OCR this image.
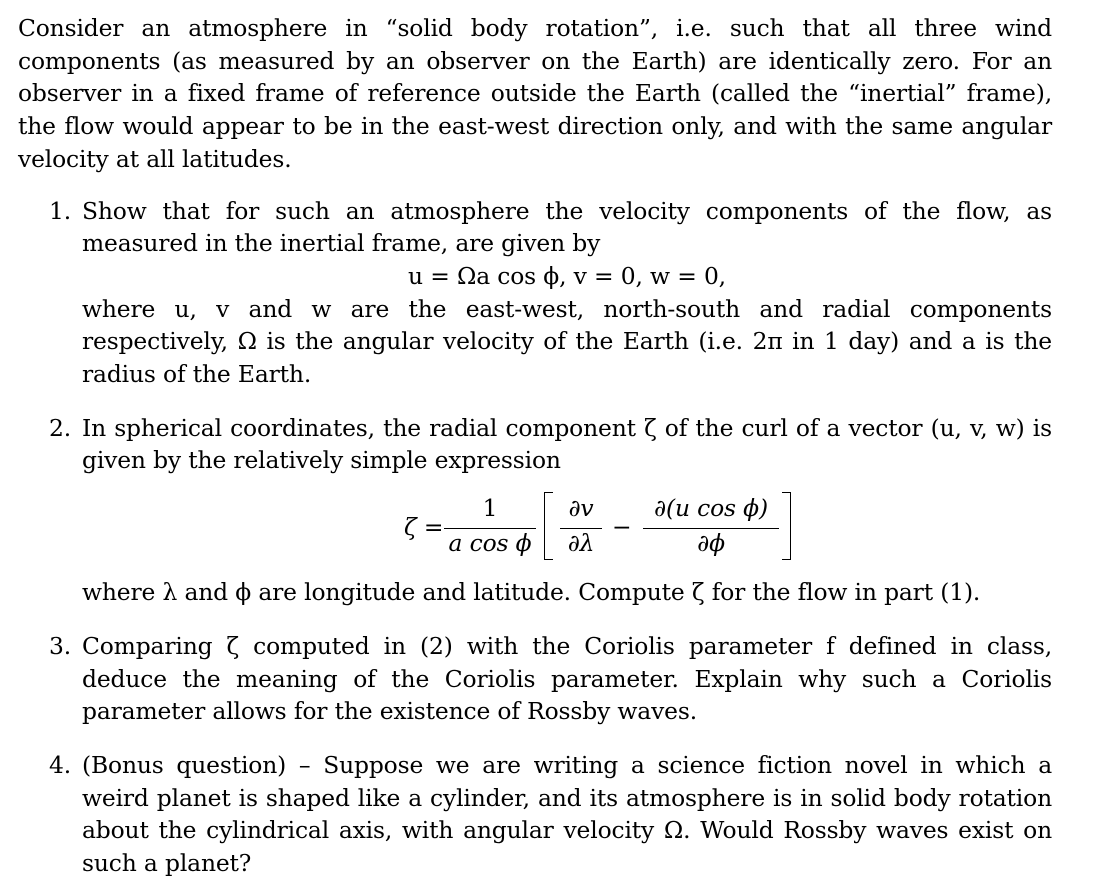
Consider an atmosphere in “solid body rotation”, i.e. such that all three wind components (as measured by an observer on the Earth) are identically zero. For an observer in a fixed frame of reference outside the Earth (called the “inertial” frame), the flow would appear to be in the east-west direction only, and with the same angular velocity at all latitudes.

1. Show that for such an atmosphere the velocity components of the flow, as measured in the inertial frame, are given by

u = Ωa cos ϕ, v = 0, w = 0,

where u, v and w are the east-west, north-south and radial components respectively, Ω is the angular velocity of the Earth (i.e. 2π in 1 day) and a is the radius of the Earth.

2. In spherical coordinates, the radial component ζ of the curl of a vector (u, v, w) is given by the relatively simple expression

ζ =
1
a cos ϕ
∂v
∂λ
−
∂(u cos ϕ)
∂ϕ

where λ and ϕ are longitude and latitude. Compute ζ for the flow in part (1).

3. Comparing ζ computed in (2) with the Coriolis parameter f defined in class, deduce the meaning of the Coriolis parameter. Explain why such a Coriolis parameter allows for the existence of Rossby waves.

4. (Bonus question) – Suppose we are writing a science fiction novel in which a weird planet is shaped like a cylinder, and its atmosphere is in solid body rotation about the cylindrical axis, with angular velocity Ω. Would Rossby waves exist on such a planet?
